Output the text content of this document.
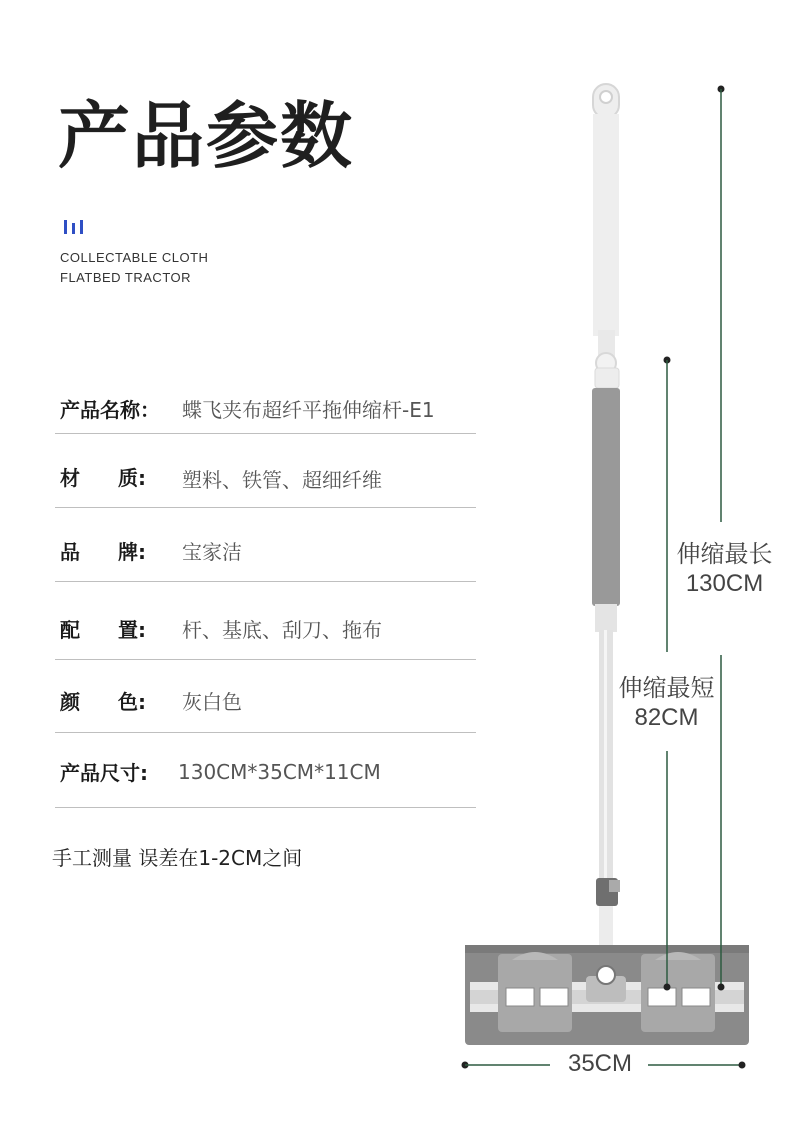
产品参数
COLLECTABLE CLOTH
FLATBED TRACTOR
产品名称： 蝶飞夹布超纤平拖伸缩杆-E1
材 质: 塑料、铁管、超细纤维
品 牌: 宝家洁
配 置: 杆、基底、刮刀、拖布
颜 色: 灰白色
产品尺寸: 130CM*35CM*11CM
手工测量 误差在1-2CM之间
伸缩最长
130CM
伸缩最短
82CM
35CM
